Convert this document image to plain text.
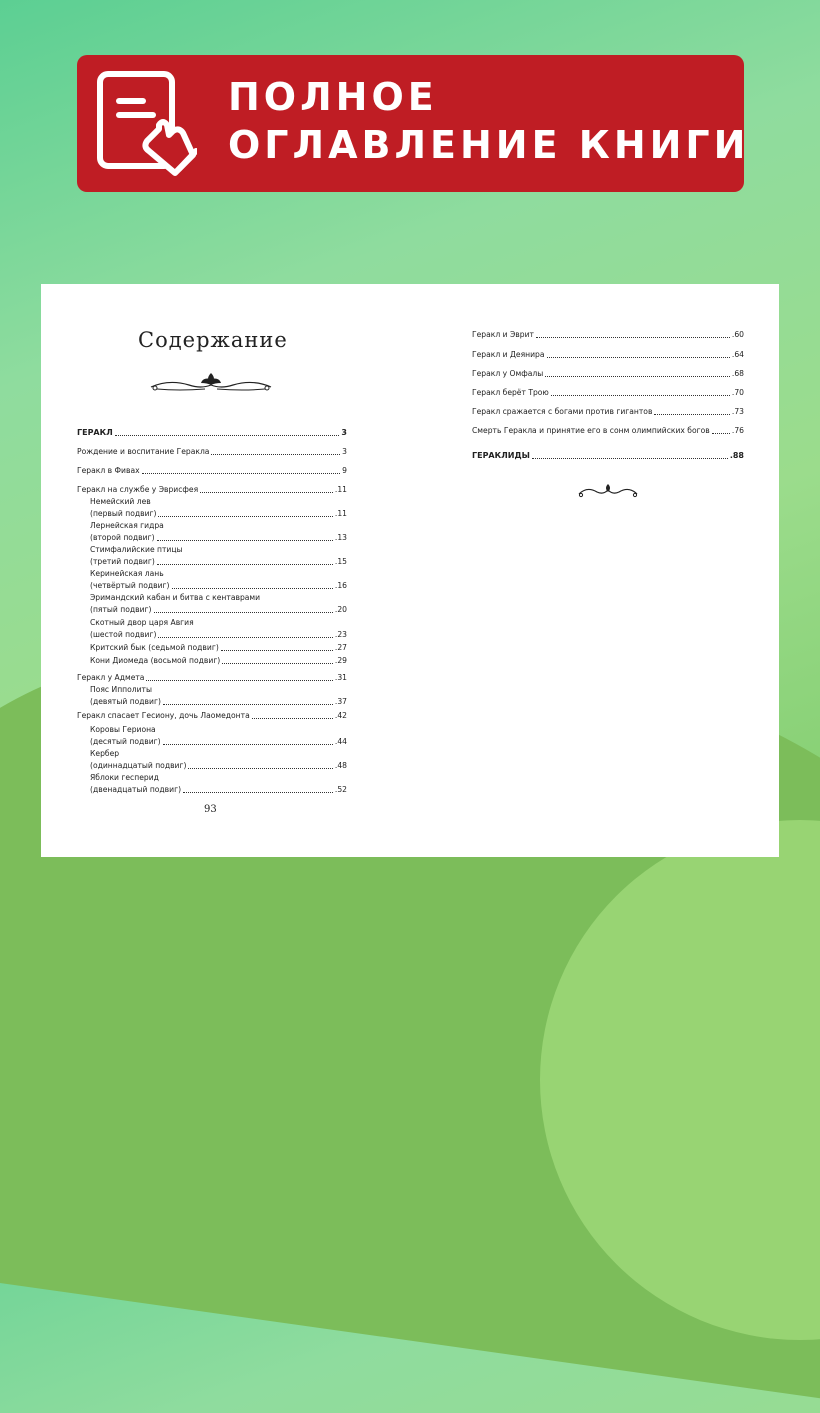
ПОЛНОЕ
ОГЛАВЛЕНИЕ КНИГИ
Содержание
ГЕРАКЛ	3
Рождение и воспитание Геракла	3
Геракл в Фивах	9
Геракл на службе у Эврисфея	.11
Немейский лев
(первый подвиг)	.11
Лернейская гидра
(второй подвиг)	.13
Стимфалийские птицы
(третий подвиг)	.15
Керинейская лань
(четвёртый подвиг)	.16
Эримандский кабан и битва с кентаврами
(пятый подвиг)	.20
Скотный двор царя Авгия
(шестой подвиг)	.23
Критский бык (седьмой подвиг)	.27
Кони Диомеда (восьмой подвиг)	.29
Геракл у Адмета	.31
Пояс Ипполиты
(девятый подвиг)	.37
Геракл спасает Гесиону, дочь Лаомедонта	.42
Коровы Гериона
(десятый подвиг)	.44
Кербер
(одиннадцатый подвиг)	.48
Яблоки гесперид
(двенадцатый подвиг)	.52
93
Геракл и Эврит	.60
Геракл и Деянира	.64
Геракл у Омфалы	.68
Геракл берёт Трою	.70
Геракл сражается с богами против гигантов	.73
Смерть Геракла и принятие его в сонм олимпийских богов	.76
ГЕРАКЛИДЫ	.88
